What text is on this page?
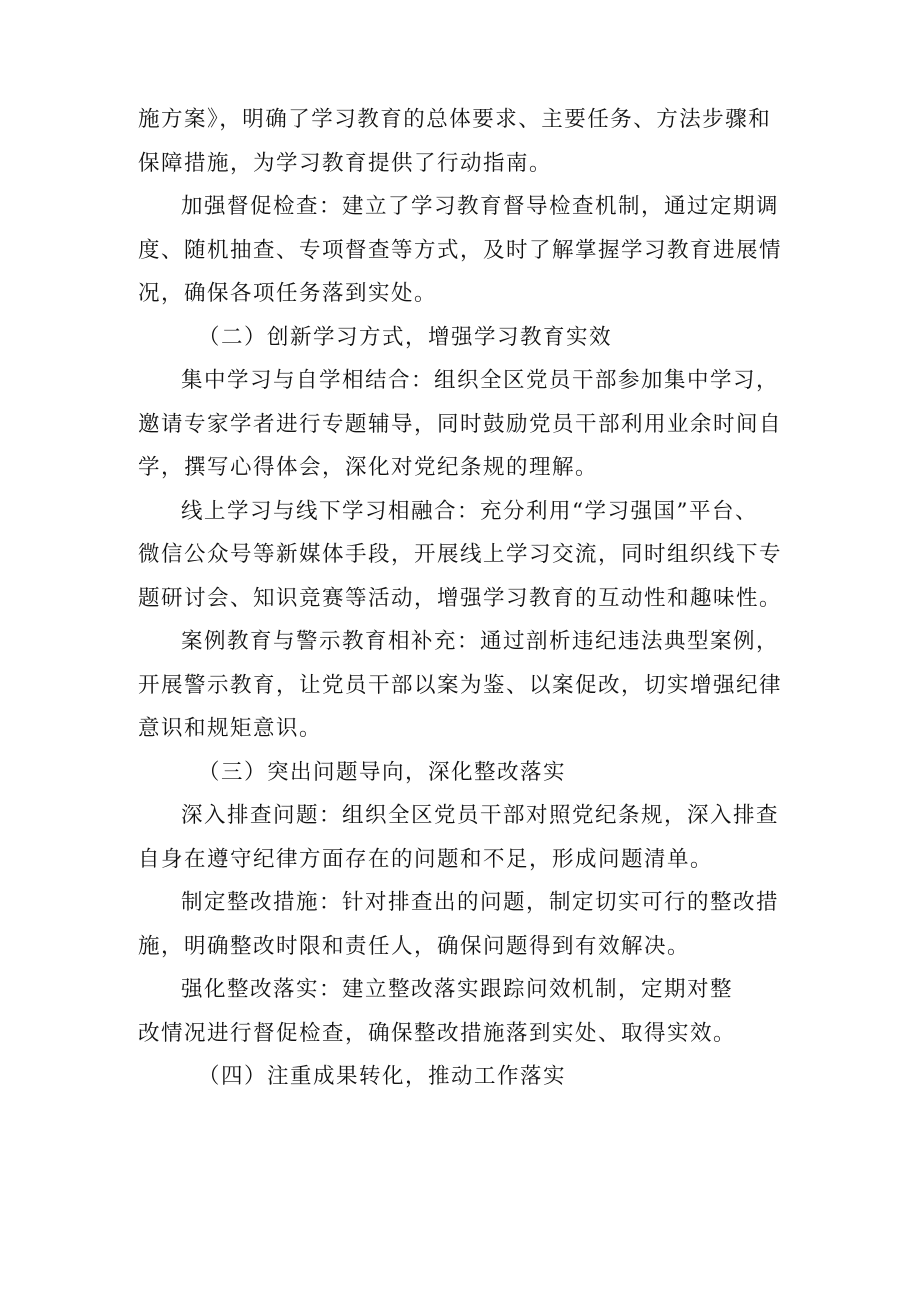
施方案》，明确了学习教育的总体要求、主要任务、方法步骤和
保障措施，为学习教育提供了行动指南。

加强督促检查：建立了学习教育督导检查机制，通过定期调
度、随机抽查、专项督查等方式，及时了解掌握学习教育进展情
况，确保各项任务落到实处。

（二）创新学习方式，增强学习教育实效

集中学习与自学相结合：组织全区党员干部参加集中学习，
邀请专家学者进行专题辅导，同时鼓励党员干部利用业余时间自
学，撰写心得体会，深化对党纪条规的理解。

线上学习与线下学习相融合：充分利用“学习强国”平台、
微信公众号等新媒体手段，开展线上学习交流，同时组织线下专
题研讨会、知识竞赛等活动，增强学习教育的互动性和趣味性。

案例教育与警示教育相补充：通过剖析违纪违法典型案例，
开展警示教育，让党员干部以案为鉴、以案促改，切实增强纪律
意识和规矩意识。

（三）突出问题导向，深化整改落实

深入排查问题：组织全区党员干部对照党纪条规，深入排查
自身在遵守纪律方面存在的问题和不足，形成问题清单。

制定整改措施：针对排查出的问题，制定切实可行的整改措
施，明确整改时限和责任人，确保问题得到有效解决。

强化整改落实：建立整改落实跟踪问效机制，定期对整
改情况进行督促检查，确保整改措施落到实处、取得实效。

（四）注重成果转化，推动工作落实
